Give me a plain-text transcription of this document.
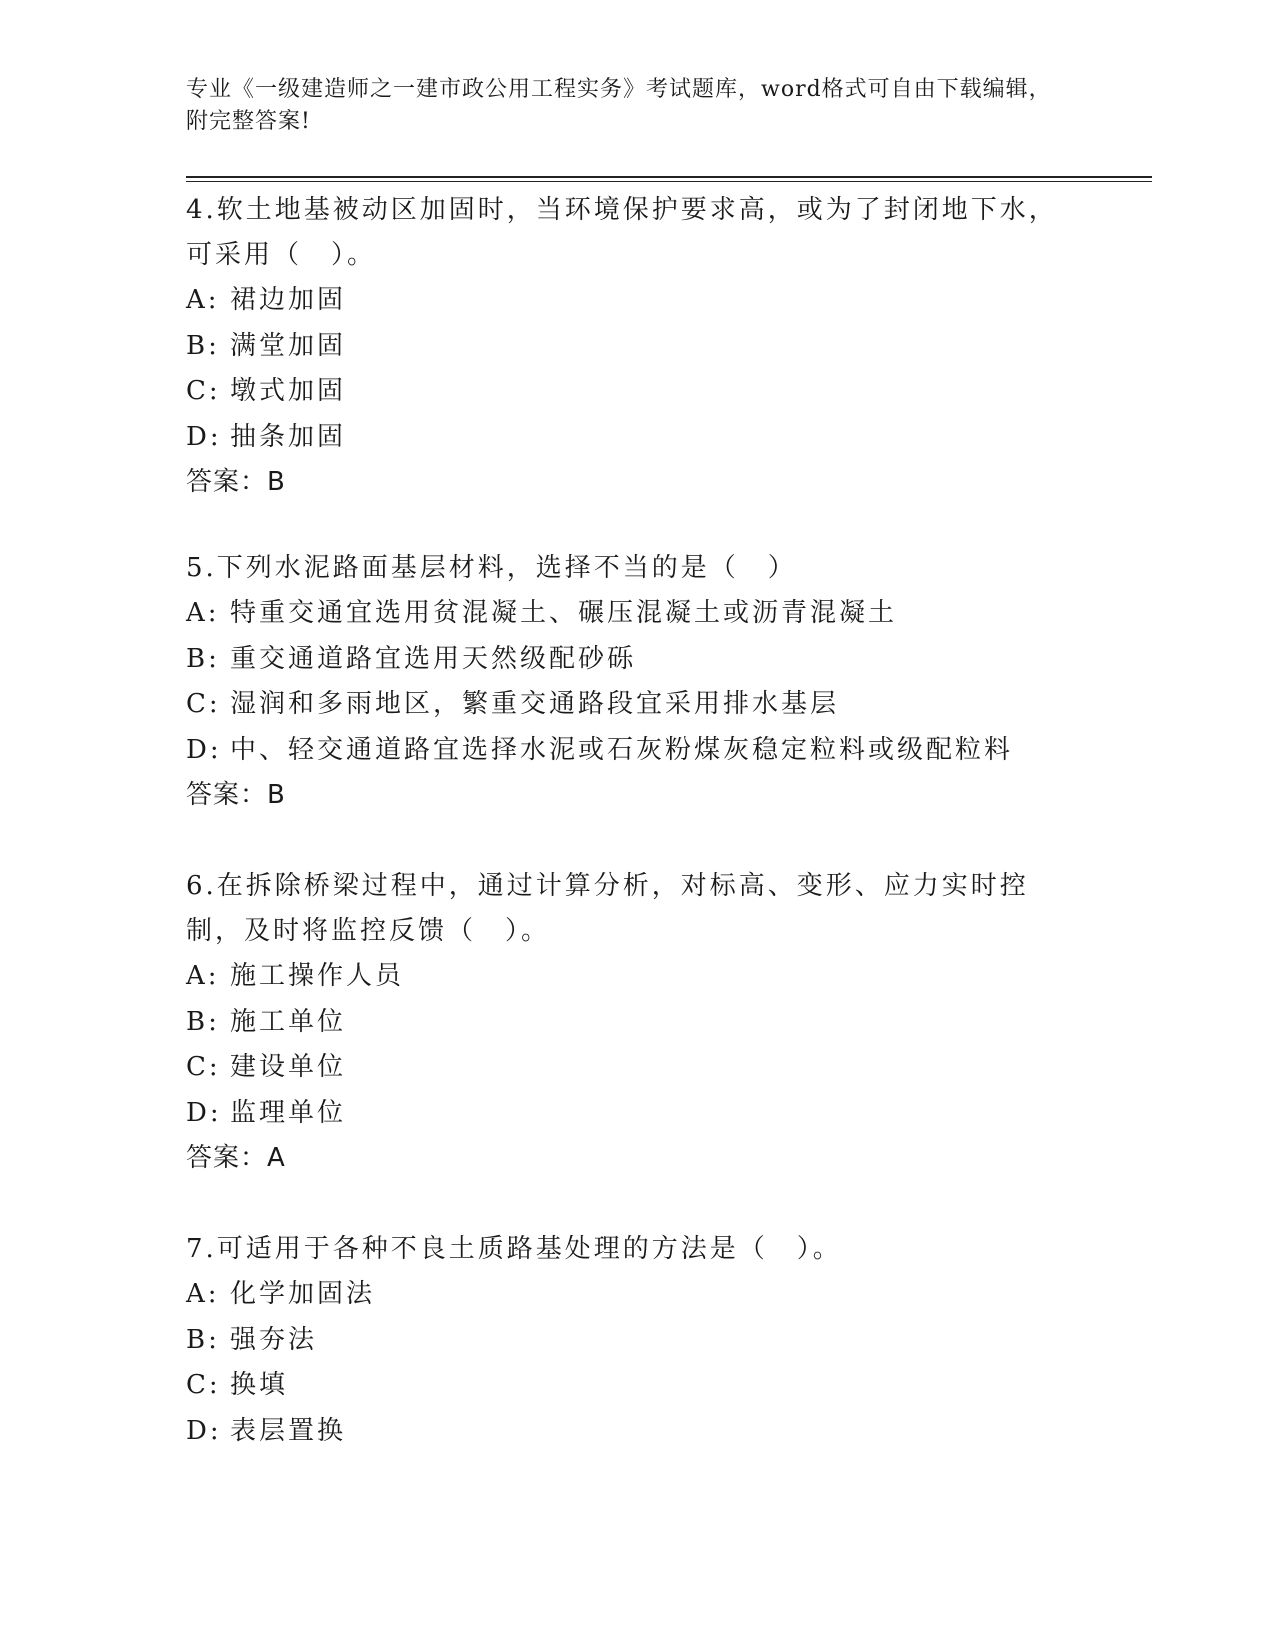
专业《一级建造师之一建市政公用工程实务》考试题库，word格式可自由下载编辑，附完整答案!

4.软土地基被动区加固时，当环境保护要求高，或为了封闭地下水，可采用（　）。

A: 裙边加固
B: 满堂加固
C: 墩式加固
D: 抽条加固

答案：B

5.下列水泥路面基层材料，选择不当的是（　）

A: 特重交通宜选用贫混凝土、碾压混凝土或沥青混凝土
B: 重交通道路宜选用天然级配砂砾
C: 湿润和多雨地区，繁重交通路段宜采用排水基层
D: 中、轻交通道路宜选择水泥或石灰粉煤灰稳定粒料或级配粒料

答案：B

6.在拆除桥梁过程中，通过计算分析，对标高、变形、应力实时控制，及时将监控反馈（　）。

A: 施工操作人员
B: 施工单位
C: 建设单位
D: 监理单位

答案：A

7.可适用于各种不良土质路基处理的方法是（　）。

A: 化学加固法
B: 强夯法
C: 换填
D: 表层置换
